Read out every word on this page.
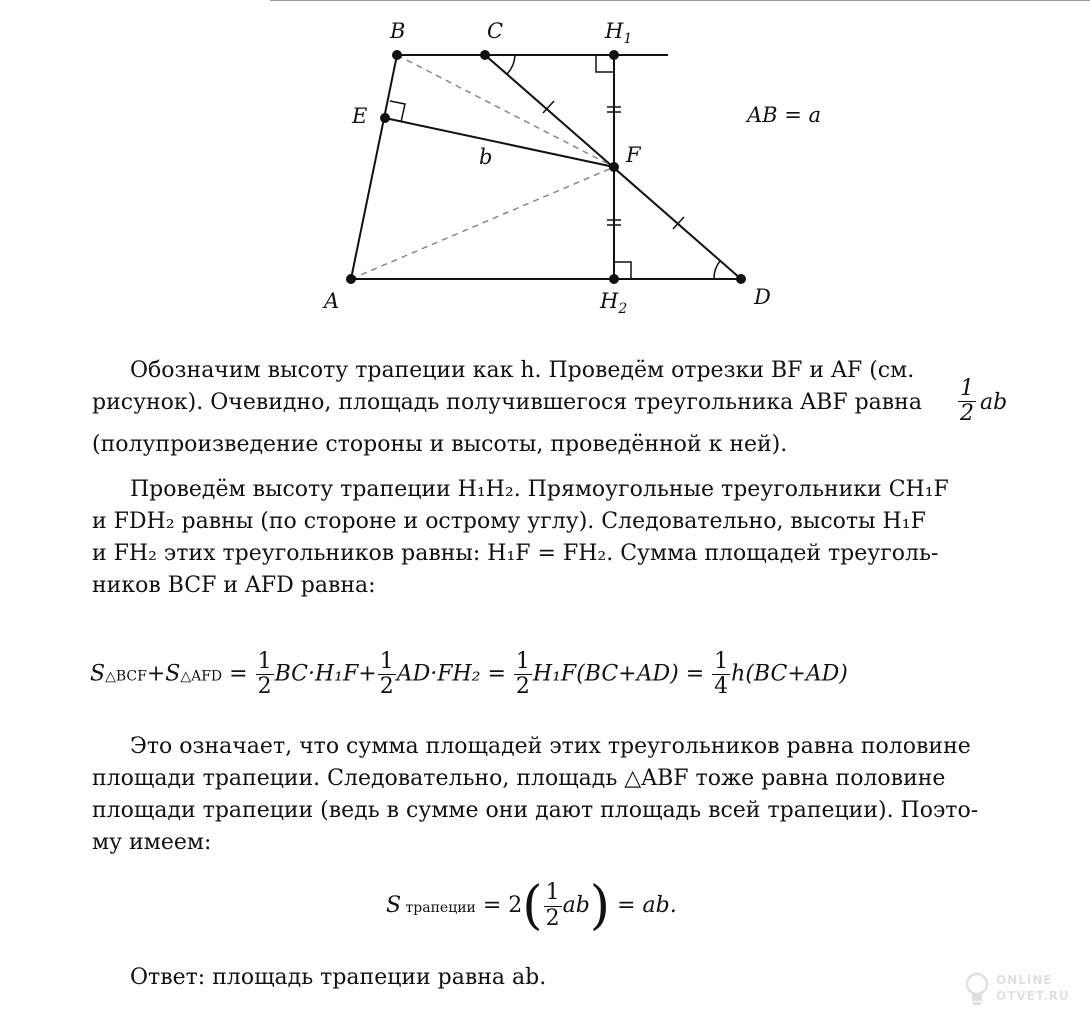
B	C	$H_1$
E
F
b
A	$H_2$	D
AB = a
Обозначим высоту трапеции как h. Проведём отрезки BF и AF (см.
рисунок). Очевидно, площадь получившегося треугольника ABF равна $\frac{1}{2}$ ab
(полупроизведение стороны и высоты, проведённой к ней).
Проведём высоту трапеции H₁H₂. Прямоугольные треугольники CH₁F
и FDH₂ равны (по стороне и острому углу). Следовательно, высоты H₁F
и FH₂ этих треугольников равны: H₁F = FH₂. Сумма площадей треуголь-
ников BCF и AFD равна:
S△BCF+S△AFD = $\frac{1}{2} BC\cdot H_1F+ \frac{1}{2} AD\cdot FH_2 = \frac{1}{2} H_1F(BC+AD) = \frac{1}{4} h(BC+AD)$
Это означает, что сумма площадей этих треугольников равна половине
площади трапеции. Следовательно, площадь △ABF тоже равна половине
площади трапеции (ведь в сумме они дают площадь всей трапеции). Поэто-
му имеем:
S трапеции = $2( \frac{1}{2} ab)$ = ab.
Ответ: площадь трапеции равна ab.	ONLINE
OTVET.RU
